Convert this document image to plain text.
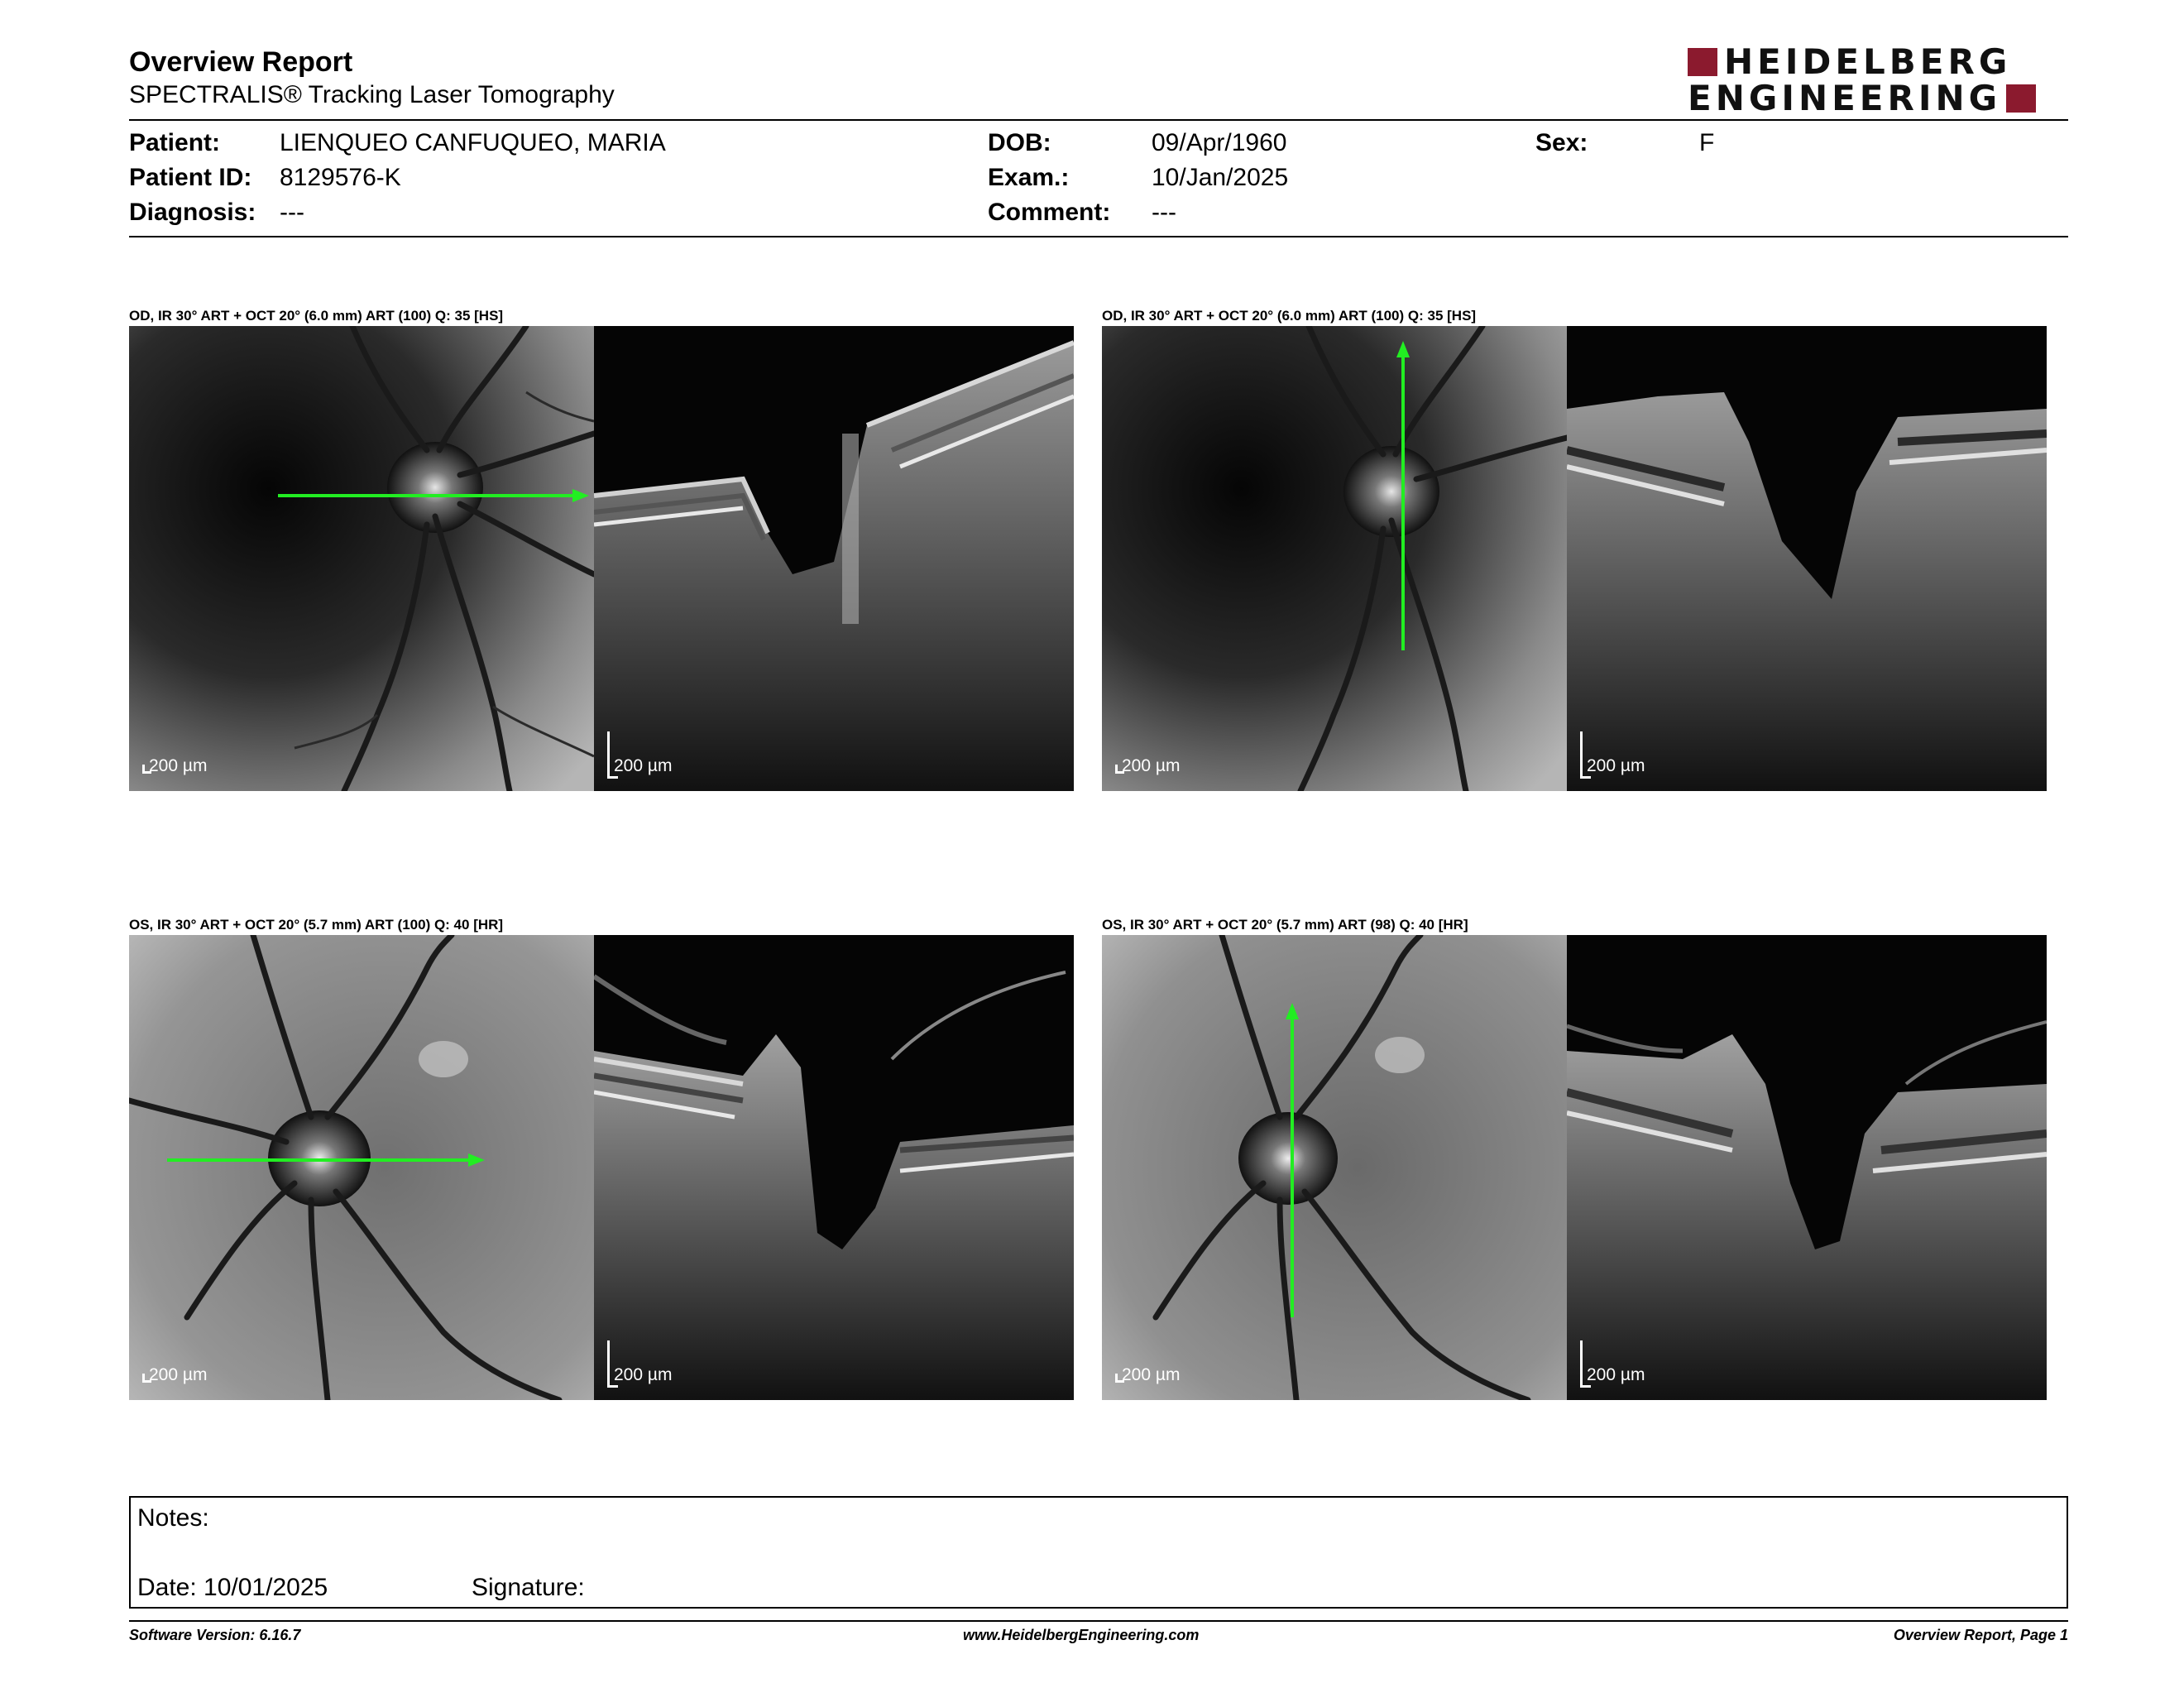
Overview Report
SPECTRALIS® Tracking Laser Tomography
HEIDELBERG
ENGINEERING
Patient: LIENQUEO CANFUQUEO, MARIA
Patient ID: 8129576-K
Diagnosis: ---
DOB:	09/Apr/1960
Exam.:	10/Jan/2025
Comment: ---
Sex:	F
OD, IR 30° ART + OCT 20° (6.0 mm) ART (100) Q: 35 [HS]
200 µm	200 µm
OD, IR 30° ART + OCT 20° (6.0 mm) ART (100) Q: 35 [HS]
200 µm	200 µm
OS, IR 30° ART + OCT 20° (5.7 mm) ART (100) Q: 40 [HR]
200 µm	200 µm
OS, IR 30° ART + OCT 20° (5.7 mm) ART (98) Q: 40 [HR]
200 µm	200 µm
Notes:
Date: 10/01/2025	Signature:
Software Version: 6.16.7	www.HeidelbergEngineering.com	Overview Report, Page 1
